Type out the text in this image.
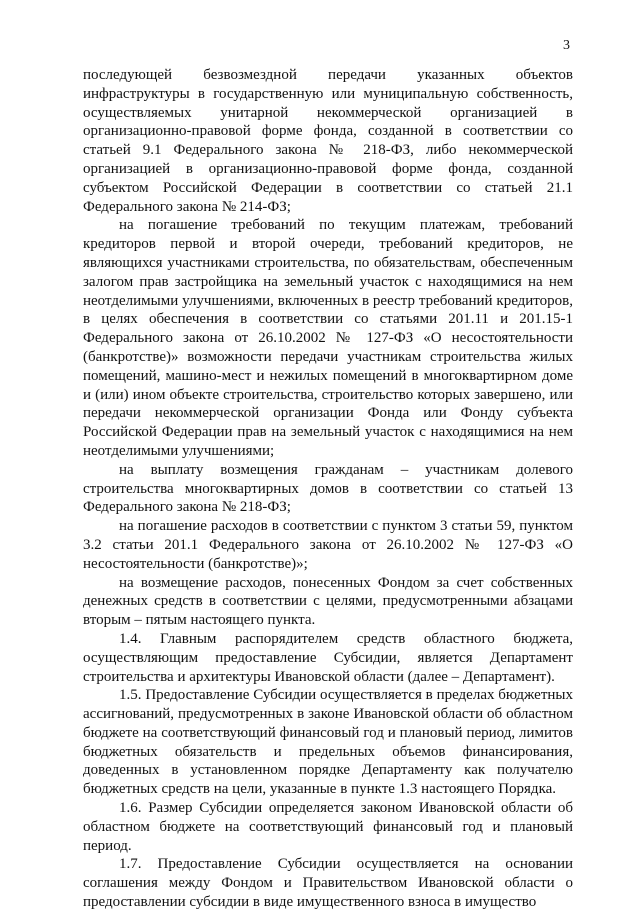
3

последующей безвозмездной передачи указанных объектов инфраструктуры в государственную или муниципальную собственность, осуществляемых унитарной некоммерческой организацией в организационно-правовой форме фонда, созданной в соответствии со статьей 9.1 Федерального закона № 218-ФЗ, либо некоммерческой организацией в организационно-правовой форме фонда, созданной субъектом Российской Федерации в соответствии со статьей 21.1 Федерального закона № 214-ФЗ;

на погашение требований по текущим платежам, требований кредиторов первой и второй очереди, требований кредиторов, не являющихся участниками строительства, по обязательствам, обеспеченным залогом прав застройщика на земельный участок с находящимися на нем неотделимыми улучшениями, включенных в реестр требований кредиторов, в целях обеспечения в соответствии со статьями 201.11 и 201.15-1 Федерального закона от 26.10.2002 № 127-ФЗ «О несостоятельности (банкротстве)» возможности передачи участникам строительства жилых помещений, машино-мест и нежилых помещений в многоквартирном доме и (или) ином объекте строительства, строительство которых завершено, или передачи некоммерческой организации Фонда или Фонду субъекта Российской Федерации прав на земельный участок с находящимися на нем неотделимыми улучшениями;

на выплату возмещения гражданам – участникам долевого строительства многоквартирных домов в соответствии со статьей 13 Федерального закона № 218-ФЗ;

на погашение расходов в соответствии с пунктом 3 статьи 59, пунктом 3.2 статьи 201.1 Федерального закона от 26.10.2002 № 127-ФЗ «О несостоятельности (банкротстве)»;

на возмещение расходов, понесенных Фондом за счет собственных денежных средств в соответствии с целями, предусмотренными абзацами вторым – пятым настоящего пункта.

1.4. Главным распорядителем средств областного бюджета, осуществляющим предоставление Субсидии, является Департамент строительства и архитектуры Ивановской области (далее – Департамент).

1.5. Предоставление Субсидии осуществляется в пределах бюджетных ассигнований, предусмотренных в законе Ивановской области об областном бюджете на соответствующий финансовый год и плановый период, лимитов бюджетных обязательств и предельных объемов финансирования, доведенных в установленном порядке Департаменту как получателю бюджетных средств на цели, указанные в пункте 1.3 настоящего Порядка.

1.6. Размер Субсидии определяется законом Ивановской области об областном бюджете на соответствующий финансовый год и плановый период.

1.7. Предоставление Субсидии осуществляется на основании соглашения между Фондом и Правительством Ивановской области о предоставлении субсидии в виде имущественного взноса в имущество
